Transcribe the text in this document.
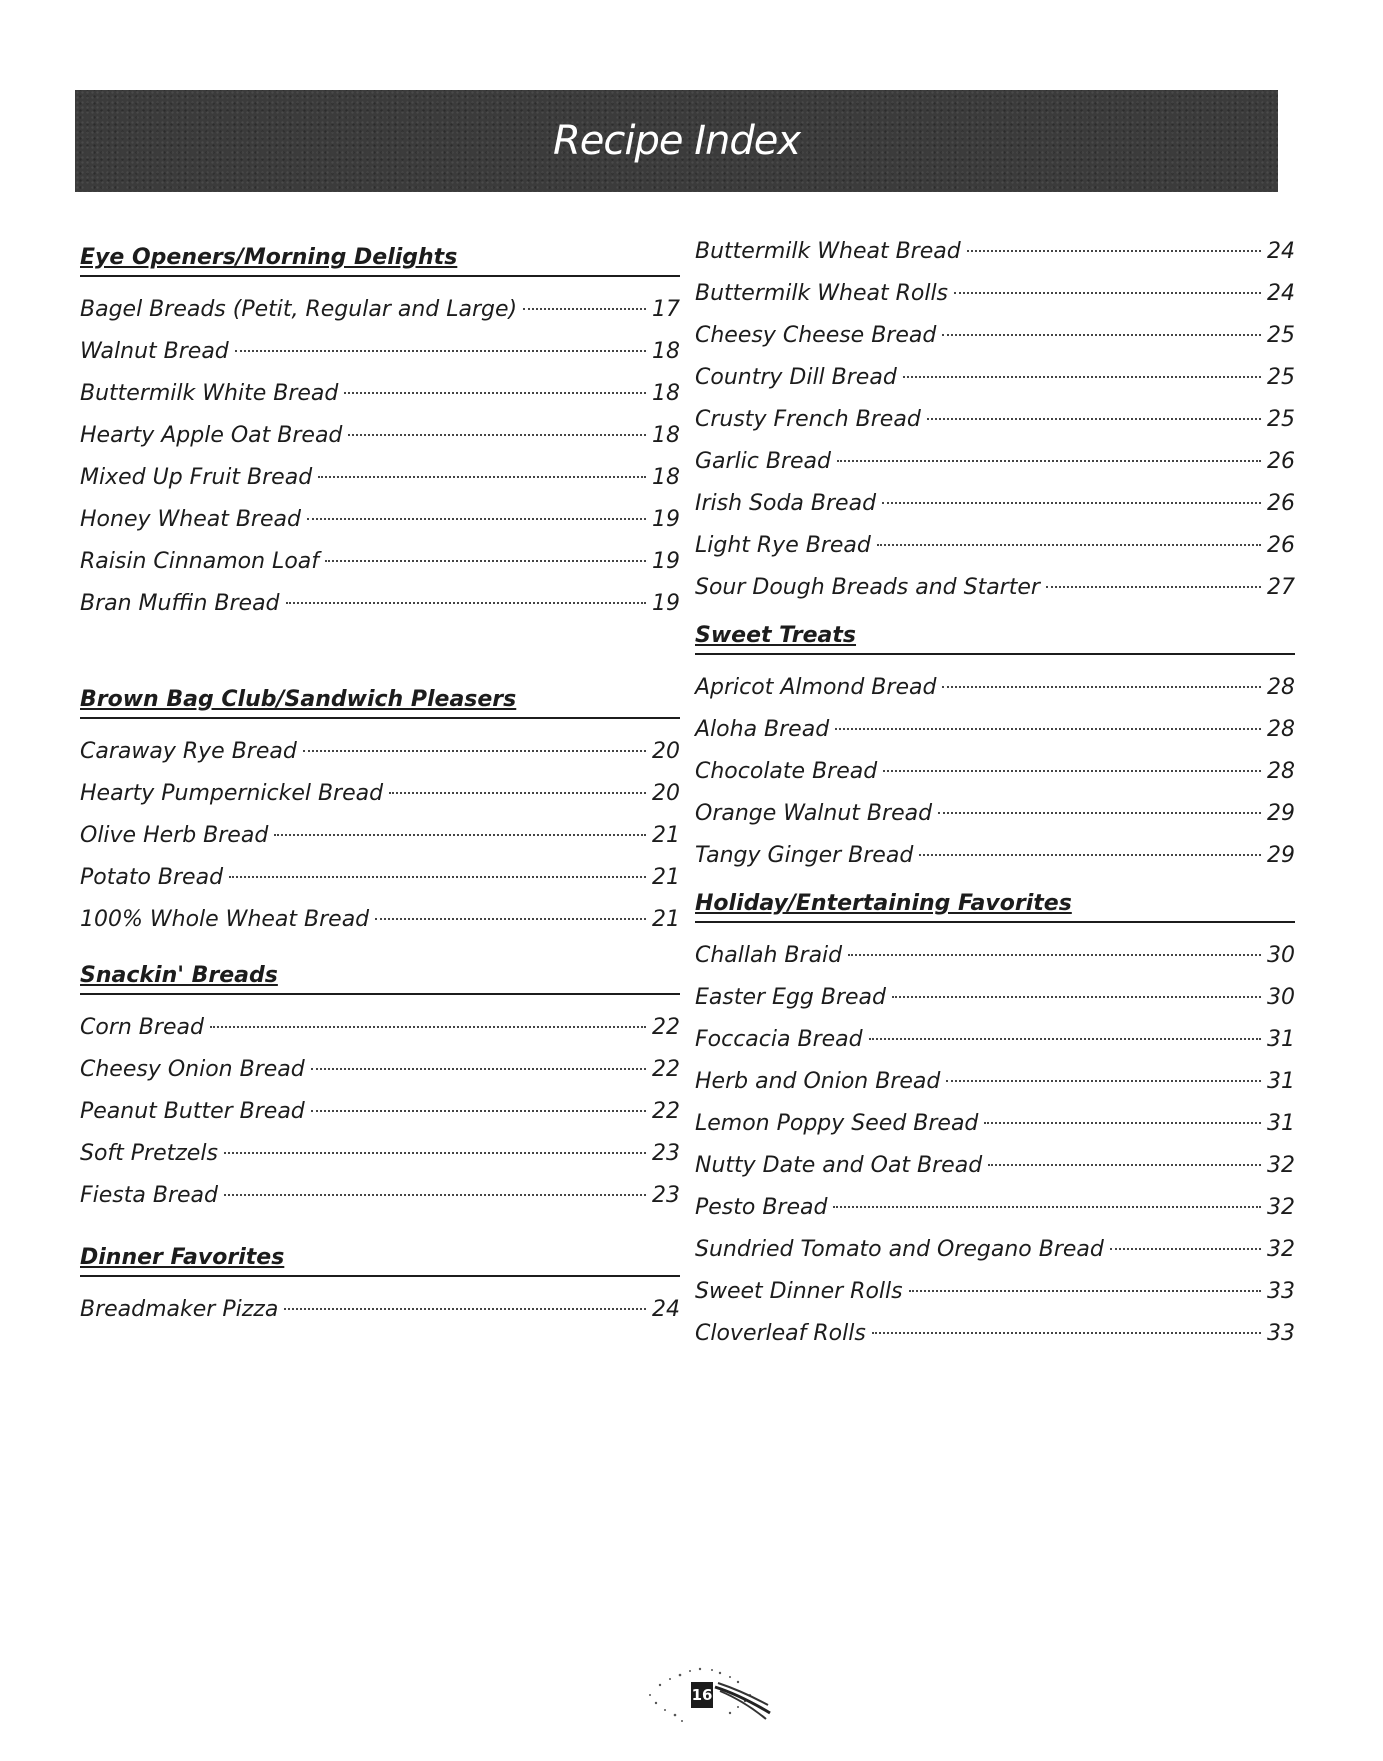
Recipe Index
Eye Openers/Morning Delights
Bagel Breads (Petit, Regular and Large)	17
Walnut Bread	18
Buttermilk White Bread	18
Hearty Apple Oat Bread	18
Mixed Up Fruit Bread	18
Honey Wheat Bread	19
Raisin Cinnamon Loaf	19
Bran Muffin Bread	19
Brown Bag Club/Sandwich Pleasers
Caraway Rye Bread	20
Hearty Pumpernickel Bread	20
Olive Herb Bread	21
Potato Bread	21
100% Whole Wheat Bread	21
Snackin' Breads
Corn Bread	22
Cheesy Onion Bread	22
Peanut Butter Bread	22
Soft Pretzels	23
Fiesta Bread	23
Dinner Favorites
Breadmaker Pizza	24
Buttermilk Wheat Bread	24
Buttermilk Wheat Rolls	24
Cheesy Cheese Bread	25
Country Dill Bread	25
Crusty French Bread	25
Garlic Bread	26
Irish Soda Bread	26
Light Rye Bread	26
Sour Dough Breads and Starter	27
Sweet Treats
Apricot Almond Bread	28
Aloha Bread	28
Chocolate Bread	28
Orange Walnut Bread	29
Tangy Ginger Bread	29
Holiday/Entertaining Favorites
Challah Braid	30
Easter Egg Bread	30
Foccacia Bread	31
Herb and Onion Bread	31
Lemon Poppy Seed Bread	31
Nutty Date and Oat Bread	32
Pesto Bread	32
Sundried Tomato and Oregano Bread	32
Sweet Dinner Rolls	33
Cloverleaf Rolls	33
16
